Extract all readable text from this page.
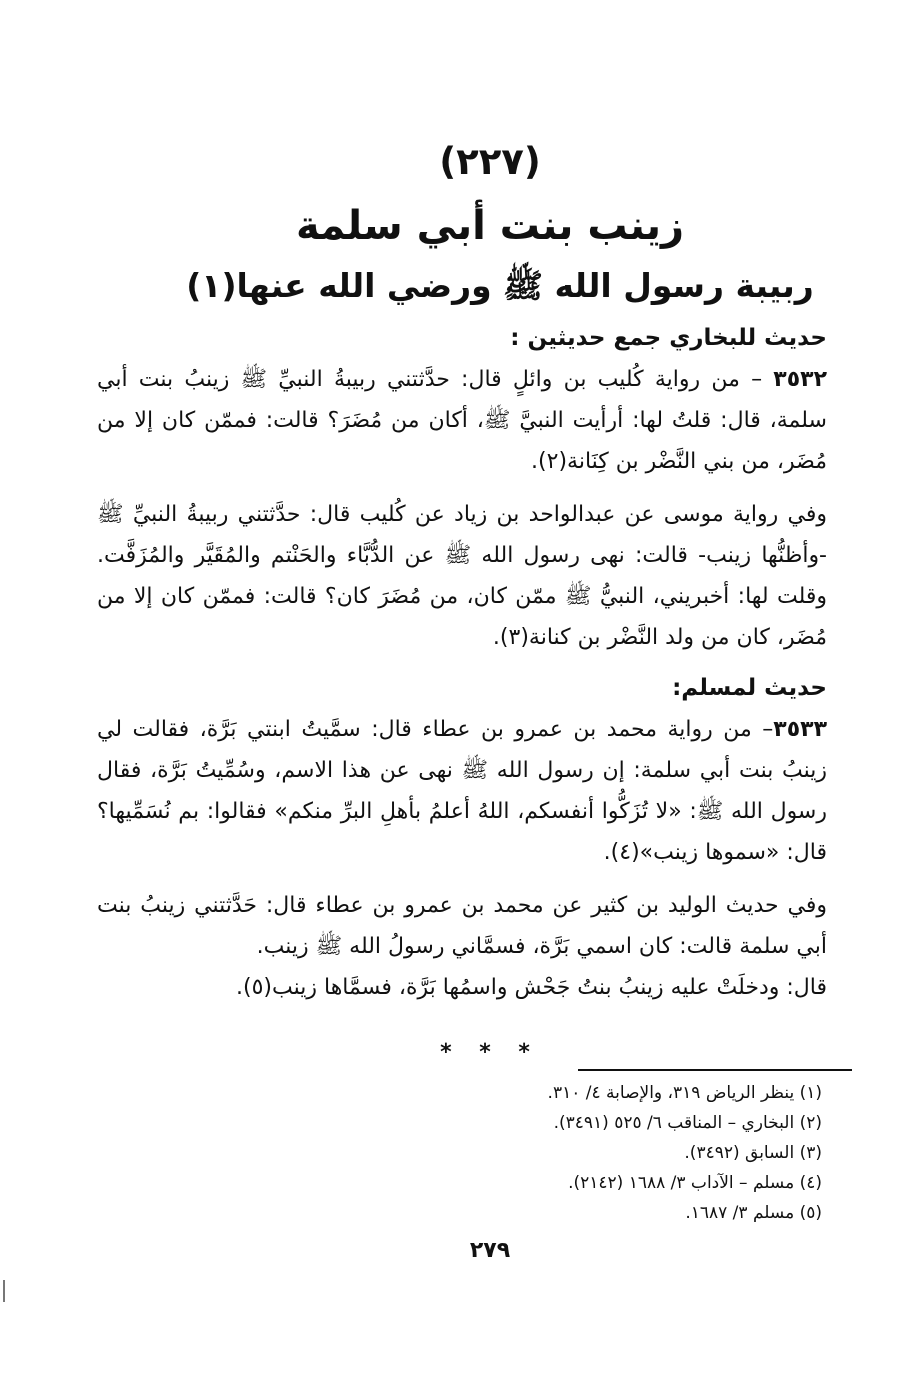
(٢٢٧)
زينب بنت أبي سلمة
ربيبة رسول الله ﷺ ورضي الله عنها(١)

حديث للبخاري جمع حديثين :

٣٥٣٢ – من رواية كُليب بن وائلٍ قال: حدَّثتني ربيبةُ النبيِّ ﷺ زينبُ بنت أبي سلمة، قال: قلتُ لها: أرأيت النبيَّ ﷺ، أكان من مُضَرَ؟ قالت: فممّن كان إلا من مُضَر، من بني النَّضْر بن كِنَانة(٢).

وفي رواية موسى عن عبدالواحد بن زياد عن كُليب قال: حدَّثتني ربيبةُ النبيِّ ﷺ -وأظنُّها زينب- قالت: نهى رسول الله ﷺ عن الدُّبَّاء والحَنْتم والمُقَيَّر والمُزَفَّت. وقلت لها: أخبريني، النبيُّ ﷺ ممّن كان، من مُضَرَ كان؟ قالت: فممّن كان إلا من مُضَر، كان من ولد النَّضْر بن كنانة(٣).

حديث لمسلم:

٣٥٣٣– من رواية محمد بن عمرو بن عطاء قال: سمَّيتُ ابنتي بَرَّة، فقالت لي زينبُ بنت أبي سلمة: إن رسول الله ﷺ نهى عن هذا الاسم، وسُمِّيتُ بَرَّة، فقال رسول الله ﷺ: «لا تُزَكُّوا أنفسكم، اللهُ أعلمُ بأهلِ البرِّ منكم» فقالوا: بم نُسَمِّيها؟ قال: «سموها زينب»(٤).

وفي حديث الوليد بن كثير عن محمد بن عمرو بن عطاء قال: حَدَّثتني زينبُ بنت أبي سلمة قالت: كان اسمي بَرَّة، فسمَّاني رسولُ الله ﷺ زينب.

قال: ودخلَتْ عليه زينبُ بنتُ جَحْش واسمُها بَرَّة، فسمَّاها زينب(٥).

* * *

(١) ينظر الرياض ٣١٩، والإصابة ٤/ ٣١٠.

(٢) البخاري – المناقب ٦/ ٥٢٥ (٣٤٩١).

(٣) السابق (٣٤٩٢).

(٤) مسلم – الآداب ٣/ ١٦٨٨ (٢١٤٢).

(٥) مسلم ٣/ ١٦٨٧.

٢٧٩
